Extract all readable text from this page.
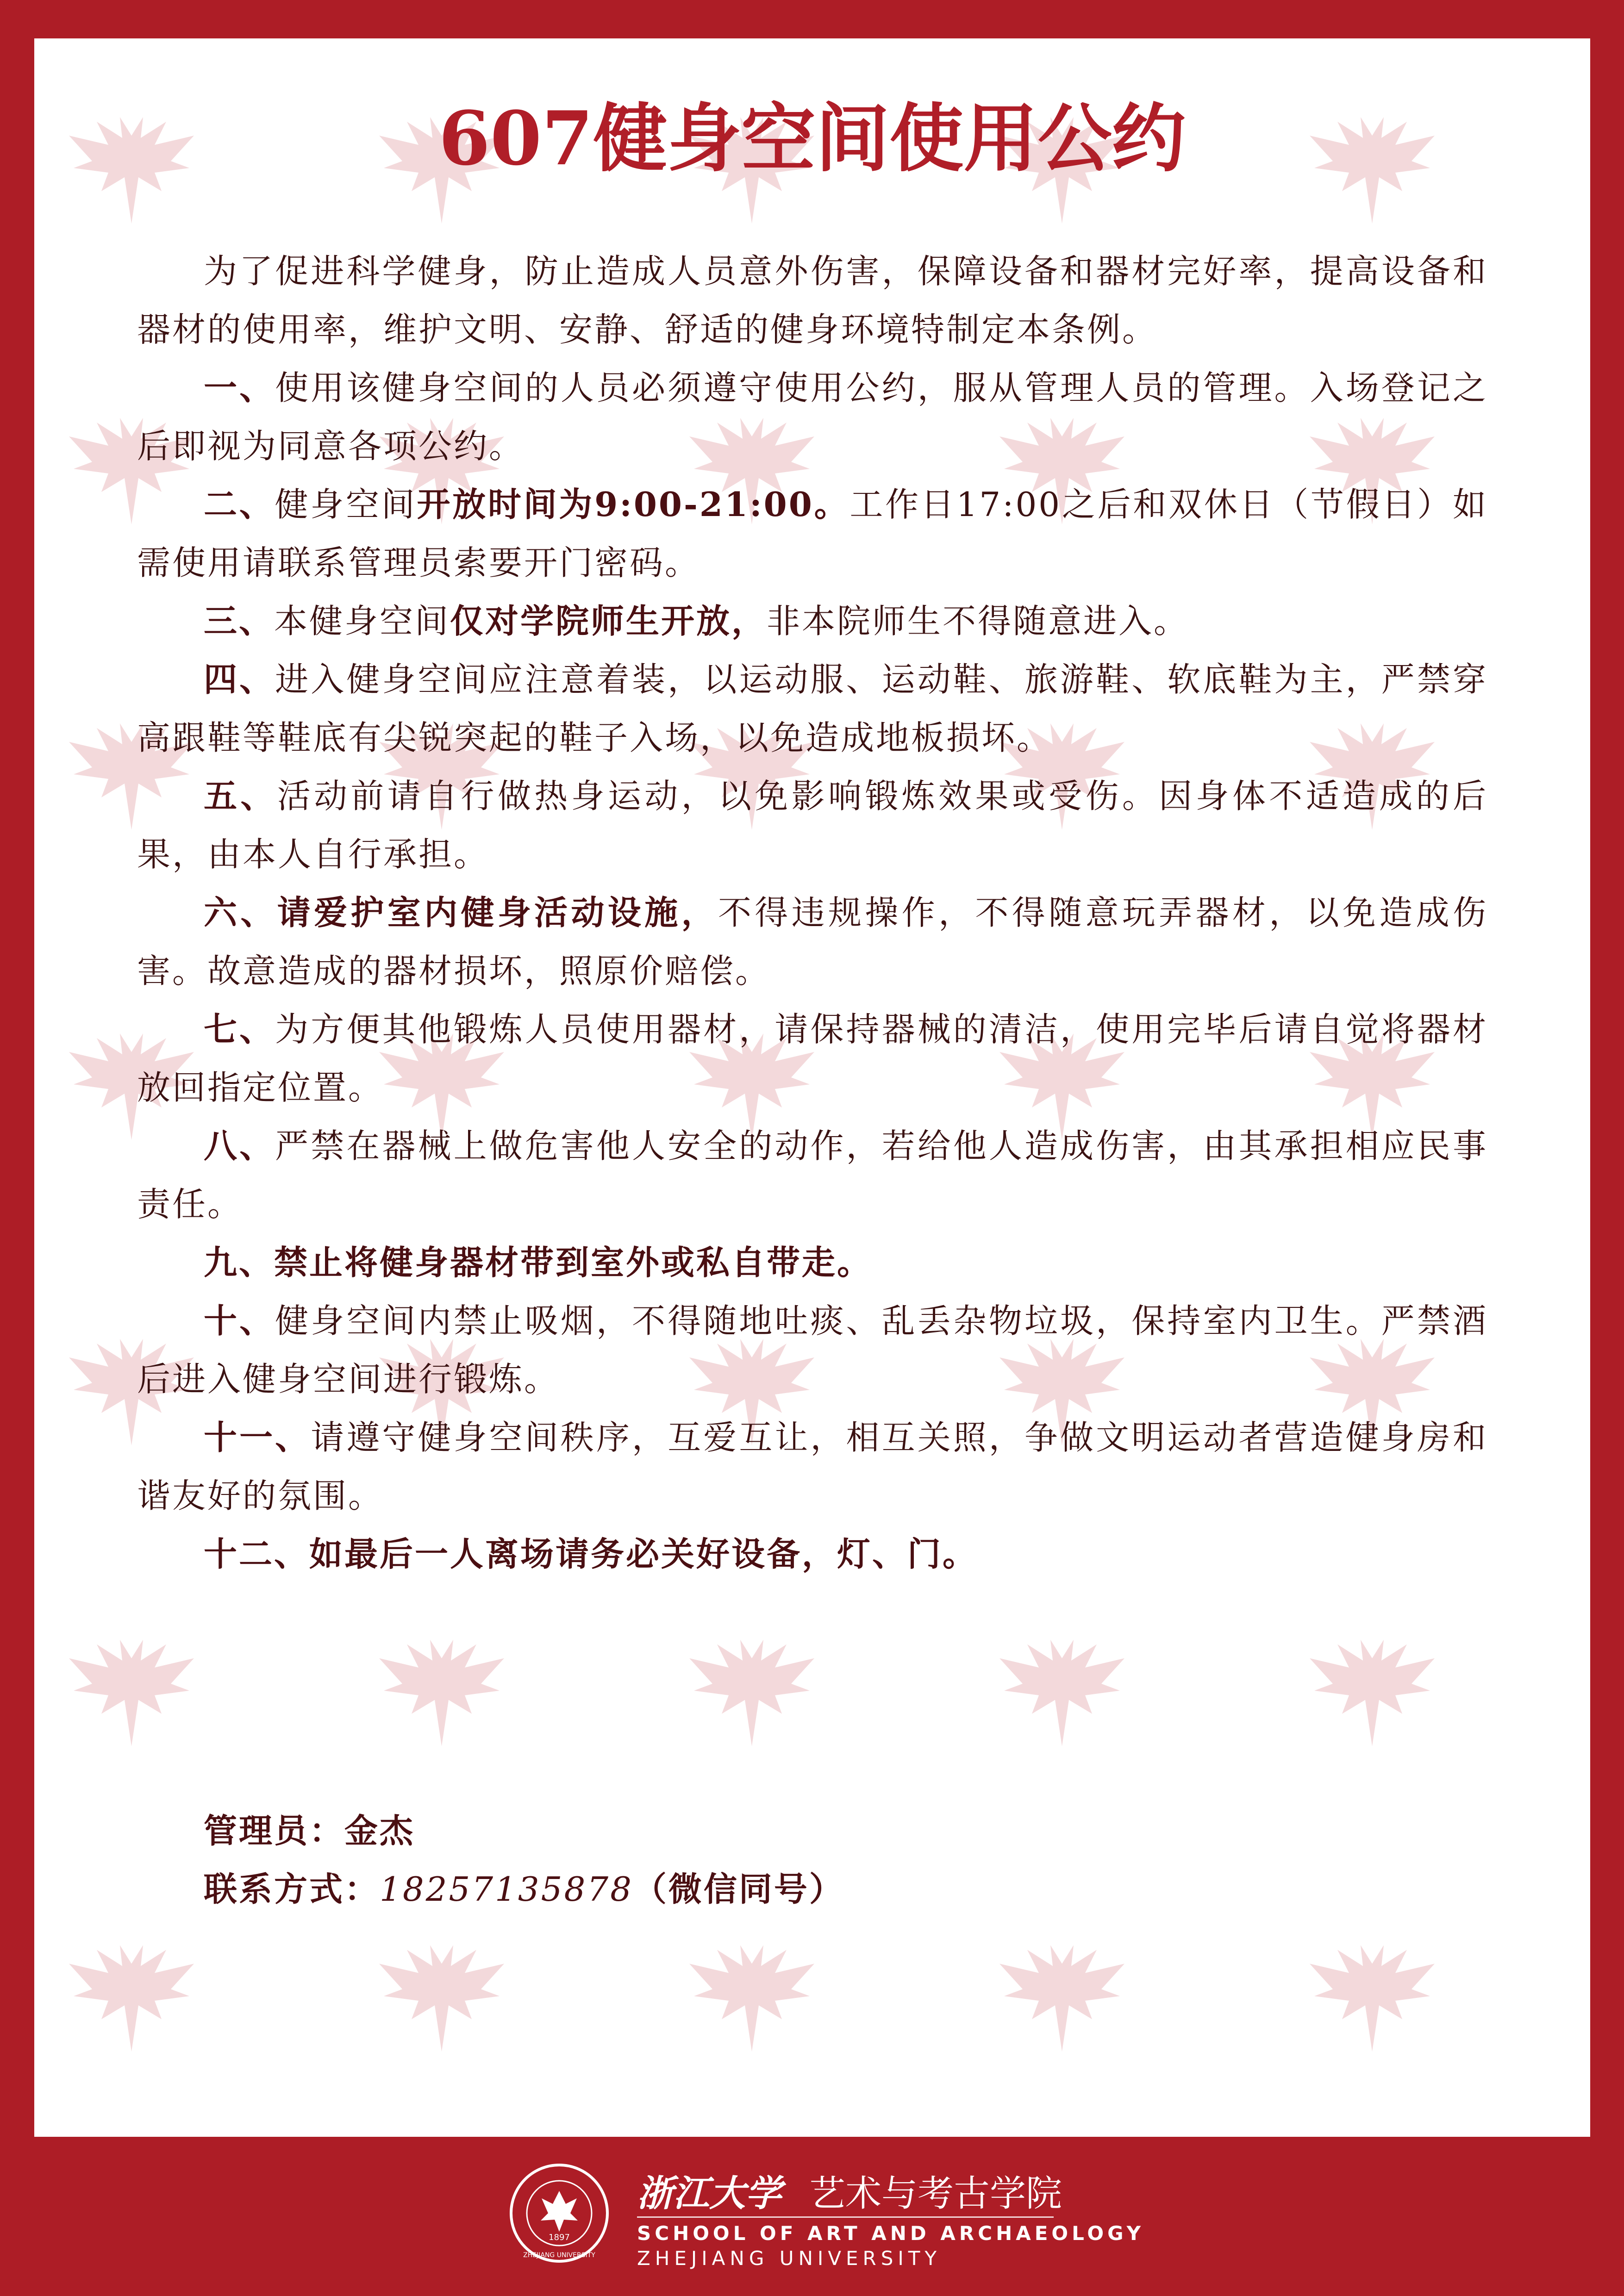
607健身空间使用公约

为了促进科学健身，防止造成人员意外伤害，保障设备和器材完好率，提高设备和器材的使用率，维护文明、安静、舒适的健身环境特制定本条例。

一、使用该健身空间的人员必须遵守使用公约，服从管理人员的管理。入场登记之后即视为同意各项公约。

二、健身空间开放时间为9:00-21:00。工作日17:00之后和双休日（节假日）如需使用请联系管理员索要开门密码。

三、本健身空间仅对学院师生开放，非本院师生不得随意进入。

四、进入健身空间应注意着装，以运动服、运动鞋、旅游鞋、软底鞋为主，严禁穿高跟鞋等鞋底有尖锐突起的鞋子入场，以免造成地板损坏。

五、活动前请自行做热身运动，以免影响锻炼效果或受伤。因身体不适造成的后果，由本人自行承担。

六、请爱护室内健身活动设施，不得违规操作，不得随意玩弄器材，以免造成伤害。故意造成的器材损坏，照原价赔偿。

七、为方便其他锻炼人员使用器材，请保持器械的清洁，使用完毕后请自觉将器材放回指定位置。

八、严禁在器械上做危害他人安全的动作，若给他人造成伤害，由其承担相应民事责任。

九、禁止将健身器材带到室外或私自带走。

十、健身空间内禁止吸烟，不得随地吐痰、乱丢杂物垃圾，保持室内卫生。严禁酒后进入健身空间进行锻炼。

十一、请遵守健身空间秩序，互爱互让，相互关照，争做文明运动者营造健身房和谐友好的氛围。

十二、如最后一人离场请务必关好设备，灯、门。

管理员：金杰
联系方式：18257135878（微信同号）
1897
ZHEJIANG UNIVERSITY
浙江大学 艺术与考古学院
SCHOOL OF ART AND ARCHAEOLOGY
ZHEJIANG UNIVERSITY
